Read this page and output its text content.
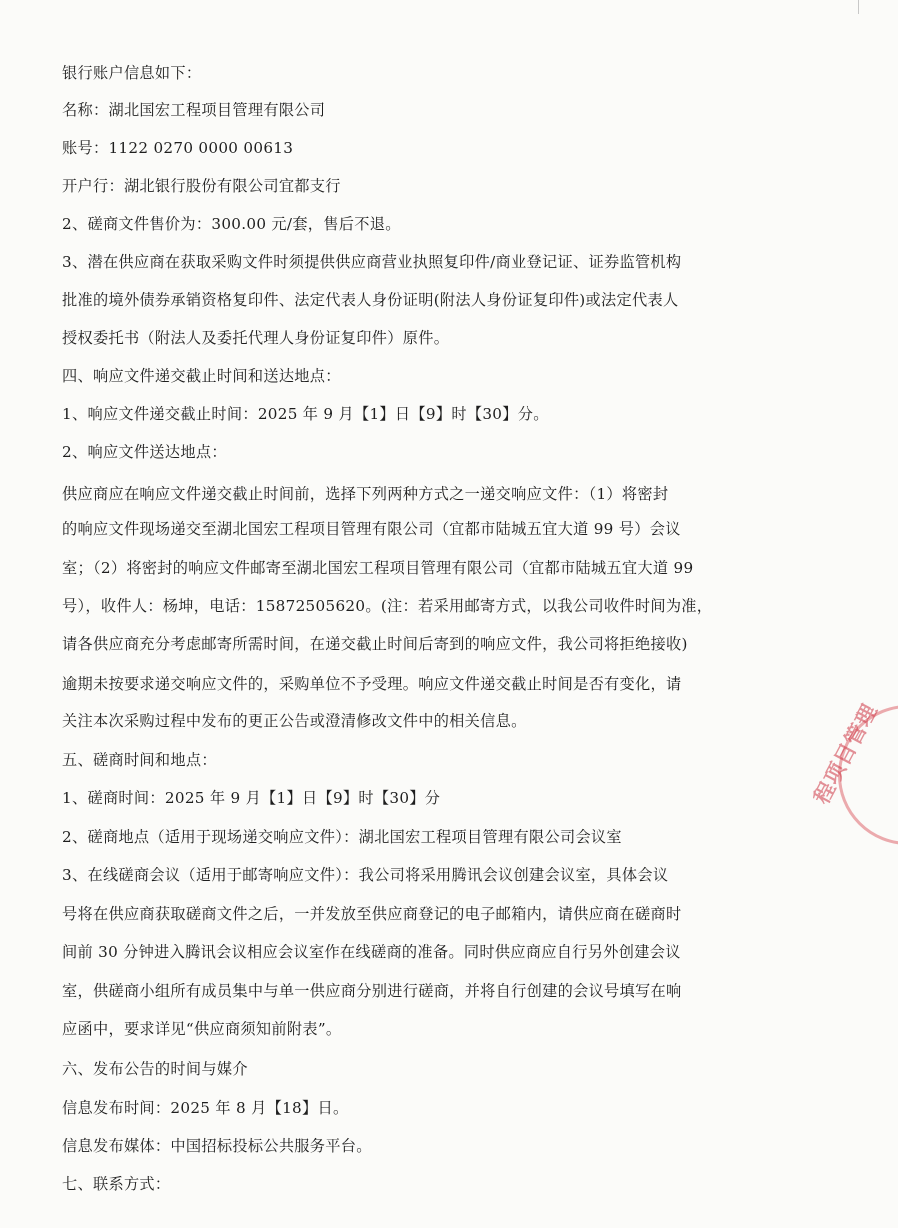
银行账户信息如下：

名称：湖北国宏工程项目管理有限公司

账号：1122 0270 0000 00613

开户行：湖北银行股份有限公司宜都支行

2、磋商文件售价为：300.00 元/套，售后不退。

3、潜在供应商在获取采购文件时须提供供应商营业执照复印件/商业登记证、证券监管机构

批准的境外债券承销资格复印件、法定代表人身份证明(附法人身份证复印件)或法定代表人

授权委托书（附法人及委托代理人身份证复印件）原件。

四、响应文件递交截止时间和送达地点：

1、响应文件递交截止时间：2025 年 9 月【1】日【9】时【30】分。

2、响应文件送达地点：

供应商应在响应文件递交截止时间前，选择下列两种方式之一递交响应文件：（1）将密封

的响应文件现场递交至湖北国宏工程项目管理有限公司（宜都市陆城五宜大道 99 号）会议

室；（2）将密封的响应文件邮寄至湖北国宏工程项目管理有限公司（宜都市陆城五宜大道 99

号），收件人：杨坤，电话：15872505620。(注：若采用邮寄方式，以我公司收件时间为准，

请各供应商充分考虑邮寄所需时间，在递交截止时间后寄到的响应文件，我公司将拒绝接收)

逾期未按要求递交响应文件的，采购单位不予受理。响应文件递交截止时间是否有变化，请

关注本次采购过程中发布的更正公告或澄清修改文件中的相关信息。

五、磋商时间和地点：

1、磋商时间：2025 年 9 月【1】日【9】时【30】分

2、磋商地点（适用于现场递交响应文件）：湖北国宏工程项目管理有限公司会议室

3、在线磋商会议（适用于邮寄响应文件）：我公司将采用腾讯会议创建会议室，具体会议

号将在供应商获取磋商文件之后，一并发放至供应商登记的电子邮箱内，请供应商在磋商时

间前 30 分钟进入腾讯会议相应会议室作在线磋商的准备。同时供应商应自行另外创建会议

室，供磋商小组所有成员集中与单一供应商分别进行磋商，并将自行创建的会议号填写在响

应函中，要求详见“供应商须知前附表”。

六、发布公告的时间与媒介

信息发布时间：2025 年 8 月【18】日。

信息发布媒体：中国招标投标公共服务平台。

七、联系方式：

程项目管理
